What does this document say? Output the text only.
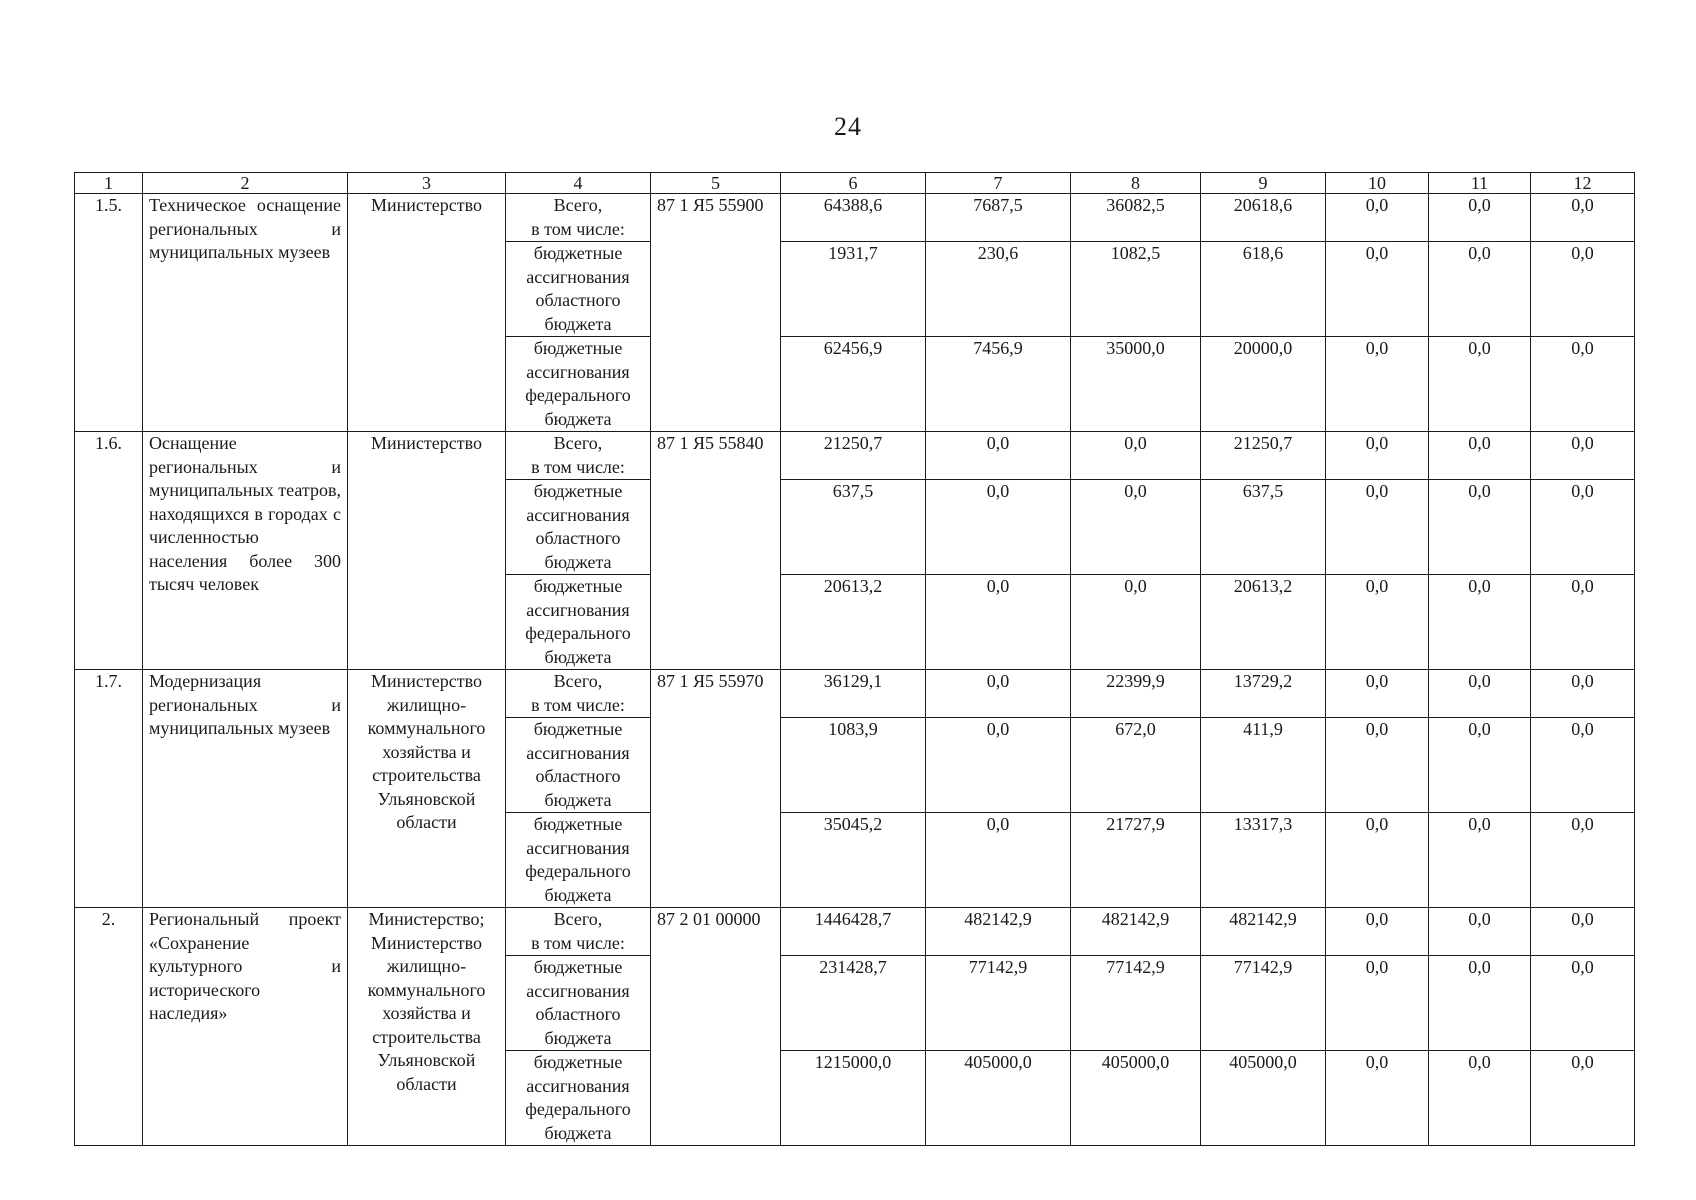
24
1	2	3	4	5	6	7	8	9	10	11	12
1.5.	Техническое оснащение региональных и муниципальных музеев	Министерство	Всего,
в том числе:	87 1 Я5 55900	64388,6	7687,5	36082,5	20618,6	0,0	0,0	0,0

			бюджетные
ассигнования
областного
бюджета		1931,7	230,6	1082,5	618,6	0,0	0,0	0,0

			бюджетные
ассигнования
федерального
бюджета		62456,9	7456,9	35000,0	20000,0	0,0	0,0	0,0
1.6.	Оснащение региональных и муниципальных театров, находящихся в городах с численностью населения более 300 тысяч человек	Министерство	Всего,
в том числе:	87 1 Я5 55840	21250,7	0,0	0,0	21250,7	0,0	0,0	0,0

			бюджетные
ассигнования
областного
бюджета		637,5	0,0	0,0	637,5	0,0	0,0	0,0

			бюджетные
ассигнования
федерального
бюджета		20613,2	0,0	0,0	20613,2	0,0	0,0	0,0
1.7.	Модернизация региональных и муниципальных музеев	Министерство жилищно-коммунального хозяйства и строительства Ульяновской области	Всего,
в том числе:	87 1 Я5 55970	36129,1	0,0	22399,9	13729,2	0,0	0,0	0,0

			бюджетные
ассигнования
областного
бюджета		1083,9	0,0	672,0	411,9	0,0	0,0	0,0

			бюджетные
ассигнования
федерального
бюджета		35045,2	0,0	21727,9	13317,3	0,0	0,0	0,0
2.	Региональный проект «Сохранение культурного и исторического наследия»	Министерство; Министерство жилищно-коммунального хозяйства и строительства Ульяновской области	Всего,
в том числе:	87 2 01 00000	1446428,7	482142,9	482142,9	482142,9	0,0	0,0	0,0

			бюджетные
ассигнования
областного
бюджета		231428,7	77142,9	77142,9	77142,9	0,0	0,0	0,0

			бюджетные
ассигнования
федерального
бюджета		1215000,0	405000,0	405000,0	405000,0	0,0	0,0	0,0
